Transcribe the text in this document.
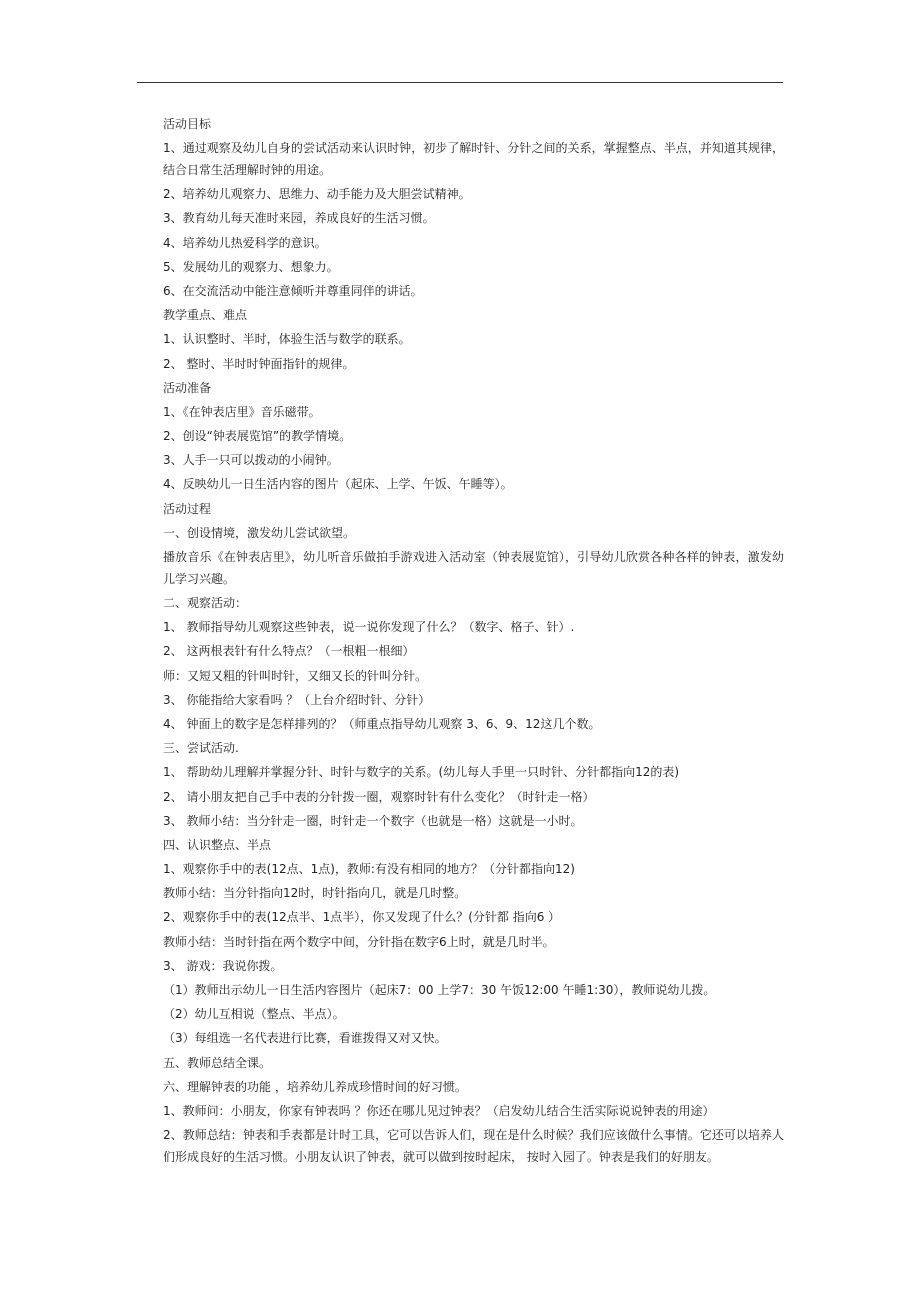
活动目标
1、通过观察及幼儿自身的尝试活动来认识时钟，初步了解时针、分针之间的关系，掌握整点、半点，并知道其规律，结合日常生活理解时钟的用途。
2、培养幼儿观察力、思维力、动手能力及大胆尝试精神。
3、教育幼儿每天准时来园，养成良好的生活习惯。
4、培养幼儿热爱科学的意识。
5、发展幼儿的观察力、想象力。
6、在交流活动中能注意倾听并尊重同伴的讲话。
教学重点、难点
1、认识整时、半时，体验生活与数学的联系。
2、 整时、半时时钟面指针的规律。
活动准备
1、《在钟表店里》音乐磁带。
2、创设“钟表展览馆”的教学情境。
3、人手一只可以拨动的小闹钟。
4、反映幼儿一日生活内容的图片（起床、上学、午饭、午睡等）。
活动过程
一、创设情境，激发幼儿尝试欲望。
播放音乐《在钟表店里》，幼儿听音乐做拍手游戏进入活动室（钟表展览馆），引导幼儿欣赏各种各样的钟表，激发幼儿学习兴趣。
二、观察活动：
1、 教师指导幼儿观察这些钟表，说一说你发现了什么？（数字、格子、针）.
2、 这两根表针有什么特点？（一根粗一根细）
师：又短又粗的针叫时针，又细又长的针叫分针。
3、 你能指给大家看吗 ？（上台介绍时针、分针）
4、 钟面上的数字是怎样排列的？（师重点指导幼儿观察 3、6、9、12这几个数。
三、尝试活动.
1、 帮助幼儿理解并掌握分针、时针与数字的关系。(幼儿每人手里一只时针、分针都指向12的表)
2、 请小朋友把自己手中表的分针拨一圈，观察时针有什么变化？（时针走一格）
3、 教师小结：当分针走一圈，时针走一个数字（也就是一格）这就是一小时。
四、认识整点、半点
1、观察你手中的表(12点、1点)，教师:有没有相同的地方？（分针都指向12)
教师小结：当分针指向12时，时针指向几，就是几时整。
2、观察你手中的表(12点半、1点半），你又发现了什么？(分针都 指向6 ）
教师小结：当时针指在两个数字中间，分针指在数字6上时，就是几时半。
3、 游戏：我说你拨。
（1）教师出示幼儿一日生活内容图片（起床7：00 上学7：30 午饭12:00 午睡1:30），教师说幼儿拨。
（2）幼儿互相说（整点、半点）。
（3）每组选一名代表进行比赛，看谁拨得又对又快。
五、教师总结全课。
六、理解钟表的功能 ，培养幼儿养成珍惜时间的好习惯。
1、教师问：小朋友，你家有钟表吗 ？你还在哪儿见过钟表？（启发幼儿结合生活实际说说钟表的用途）
2、教师总结：钟表和手表都是计时工具，它可以告诉人们，现在是什么时候？我们应该做什么事情。它还可以培养人们形成良好的生活习惯。小朋友认识了钟表，就可以做到按时起床， 按时入园了。钟表是我们的好朋友。
